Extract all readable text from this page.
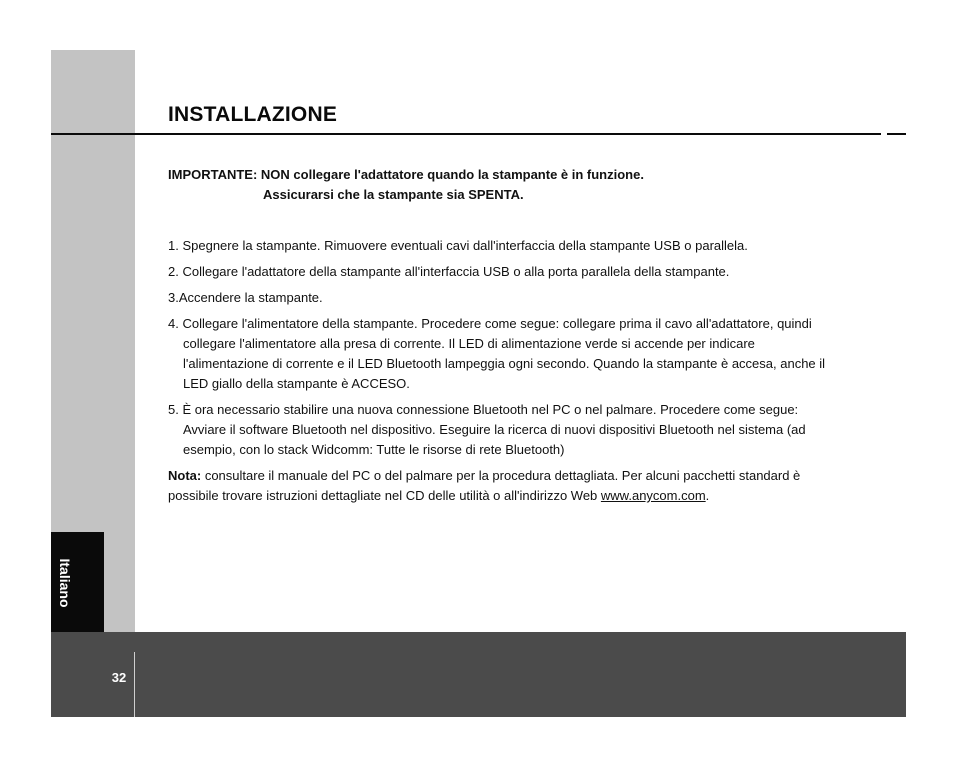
Italiano
INSTALLAZIONE
IMPORTANTE: NON collegare l'adattatore quando la stampante è in funzione.
Assicurarsi che la stampante sia SPENTA.

1. Spegnere la stampante. Rimuovere eventuali cavi dall'interfaccia della stampante USB o parallela.

2. Collegare l'adattatore della stampante all'interfaccia USB o alla porta parallela della stampante.

3.Accendere la stampante.

4. Collegare l'alimentatore della stampante. Procedere come segue: collegare prima il cavo all'adattatore, quindi collegare l'alimentatore alla presa di corrente. Il LED di alimentazione verde si accende per indicare l'alimentazione di corrente e il LED Bluetooth lampeggia ogni secondo. Quando la stampante è accesa, anche il LED giallo della stampante è ACCESO.

5. È ora necessario stabilire una nuova connessione Bluetooth nel PC o nel palmare. Procedere come segue: Avviare il software Bluetooth nel dispositivo. Eseguire la ricerca di nuovi dispositivi Bluetooth nel sistema (ad esempio, con lo stack Widcomm: Tutte le risorse di rete Bluetooth)

Nota: consultare il manuale del PC o del palmare per la procedura dettagliata. Per alcuni pacchetti standard è possibile trovare istruzioni dettagliate nel CD delle utilità o all'indirizzo Web www.anycom.com.

32
